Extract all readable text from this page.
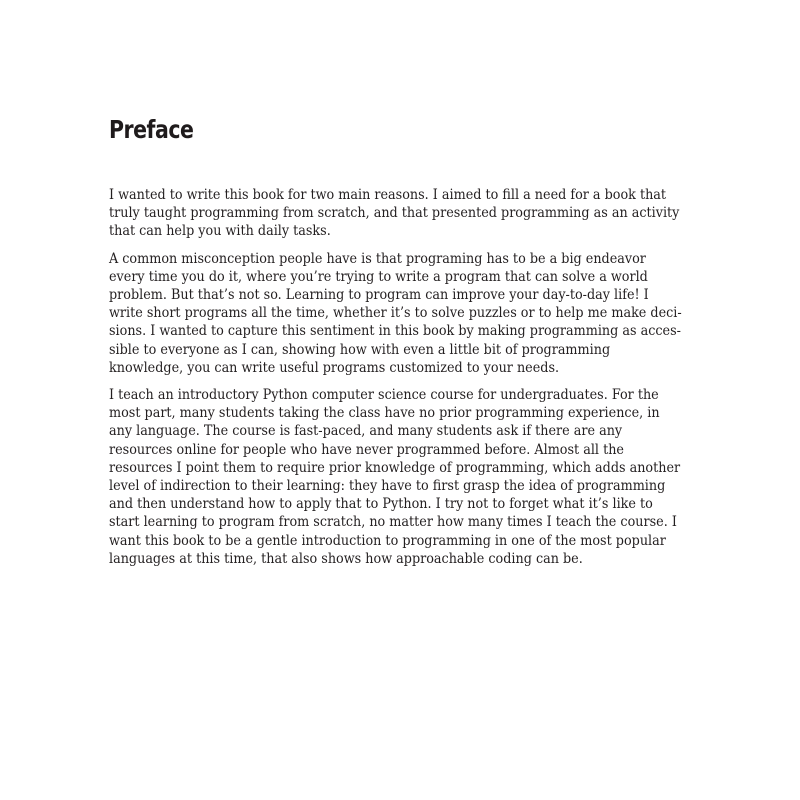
Preface

I wanted to write this book for two main reasons. I aimed to fill a need for a book that
truly taught programming from scratch, and that presented programming as an activity
that can help you with daily tasks.

A common misconception people have is that programing has to be a big endeavor
every time you do it, where you’re trying to write a program that can solve a world
problem. But that’s not so. Learning to program can improve your day-to-day life! I
write short programs all the time, whether it’s to solve puzzles or to help me make deci-
sions. I wanted to capture this sentiment in this book by making programming as acces-
sible to everyone as I can, showing how with even a little bit of programming
knowledge, you can write useful programs customized to your needs.

I teach an introductory Python computer science course for undergraduates. For the
most part, many students taking the class have no prior programming experience, in
any language. The course is fast-paced, and many students ask if there are any
resources online for people who have never programmed before. Almost all the
resources I point them to require prior knowledge of programming, which adds another
level of indirection to their learning: they have to first grasp the idea of programming
and then understand how to apply that to Python. I try not to forget what it’s like to
start learning to program from scratch, no matter how many times I teach the course. I
want this book to be a gentle introduction to programming in one of the most popular
languages at this time, that also shows how approachable coding can be.
